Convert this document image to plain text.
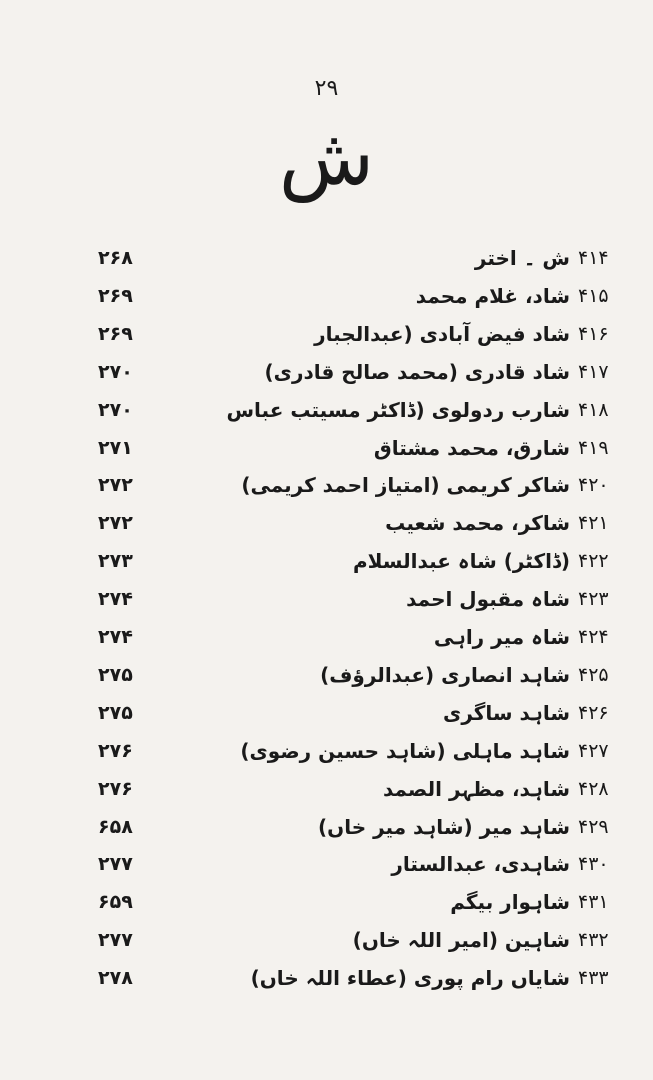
۲۹
ش
۲۶۸	ش ۔ اختر ۴۱۴
۲۶۹	شاد، غلام محمد ۴۱۵
۲۶۹	شاد فیض آبادی (عبدالجبار ۴۱۶
۲۷۰	شاد قادری (محمد صالح قادری) ۴۱۷
۲۷۰	شارب ردولوی (ڈاکٹر مسیتب عباس ۴۱۸
۲۷۱	شارق، محمد مشتاق ۴۱۹
۲۷۲	شاکر کریمی (امتیاز احمد کریمی) ۴۲۰
۲۷۲	شاکر، محمد شعیب ۴۲۱
۲۷۳	(ڈاکٹر) شاہ عبدالسلام ۴۲۲
۲۷۴	شاہ مقبول احمد ۴۲۳
۲۷۴	شاہ میر راہی ۴۲۴
۲۷۵	شاہد انصاری (عبدالرؤف) ۴۲۵
۲۷۵	شاہد ساگری ۴۲۶
۲۷۶	شاہد ماہلی (شاہد حسین رضوی) ۴۲۷
۲۷۶	شاہد، مظہر الصمد ۴۲۸
۶۵۸	شاہد میر (شاہد میر خاں) ۴۲۹
۲۷۷	شاہدی، عبدالستار ۴۳۰
۶۵۹	شاہوار بیگم ۴۳۱
۲۷۷	شاہین (امیر اللہ خاں) ۴۳۲
۲۷۸	شایاں رام پوری (عطاء اللہ خاں) ۴۳۳
